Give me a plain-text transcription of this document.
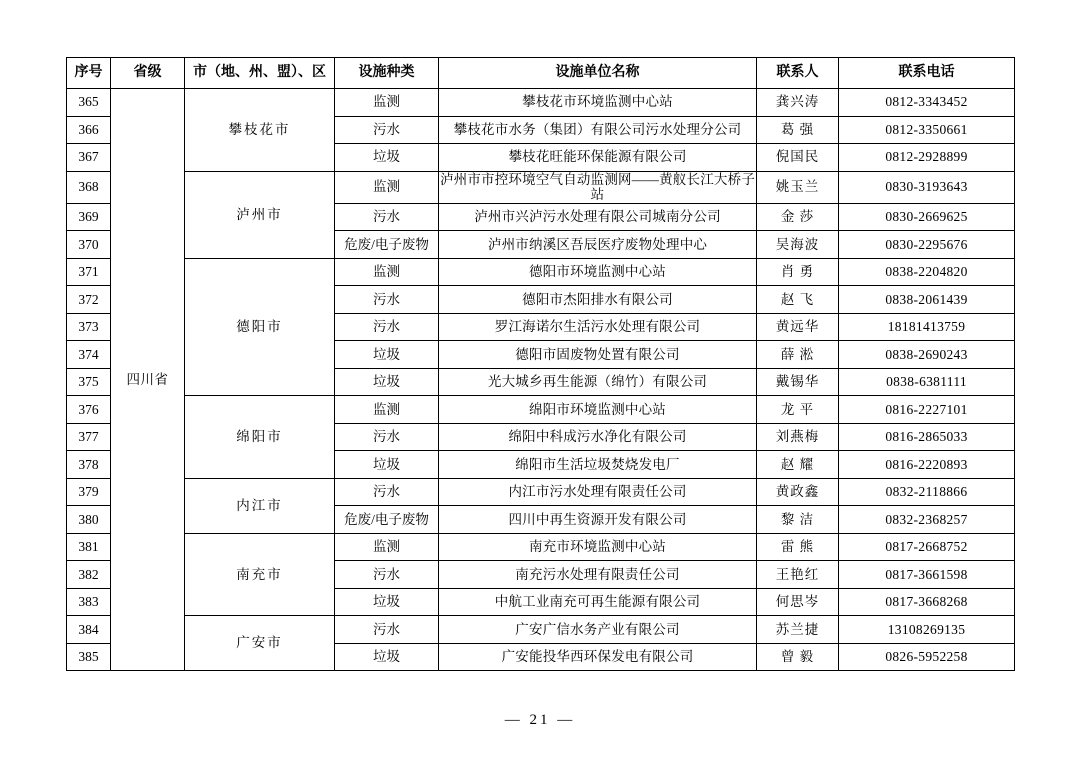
序号	省级	市（地、州、盟）、区	设施种类	设施单位名称	联系人	联系电话
365	四川省	攀枝花市	监测	攀枝花市环境监测中心站	龚兴涛	0812-3343452
366			污水	攀枝花市水务（集团）有限公司污水处理分公司	葛 强	0812-3350661
367			垃圾	攀枝花旺能环保能源有限公司	倪国民	0812-2928899
368		泸州市	监测	泸州市市控环境空气自动监测网——黄舣长江大桥子站	姚玉兰	0830-3193643
369			污水	泸州市兴泸污水处理有限公司城南分公司	金 莎	0830-2669625
370			危废/电子废物	泸州市纳溪区吾辰医疗废物处理中心	吴海波	0830-2295676
371		德阳市	监测	德阳市环境监测中心站	肖 勇	0838-2204820
372			污水	德阳市杰阳排水有限公司	赵 飞	0838-2061439
373			污水	罗江海诺尔生活污水处理有限公司	黄远华	18181413759
374			垃圾	德阳市固废物处置有限公司	薛 淞	0838-2690243
375			垃圾	光大城乡再生能源（绵竹）有限公司	戴锡华	0838-6381111
376		绵阳市	监测	绵阳市环境监测中心站	龙 平	0816-2227101
377			污水	绵阳中科成污水净化有限公司	刘燕梅	0816-2865033
378			垃圾	绵阳市生活垃圾焚烧发电厂	赵 耀	0816-2220893
379		内江市	污水	内江市污水处理有限责任公司	黄政鑫	0832-2118866
380			危废/电子废物	四川中再生资源开发有限公司	黎 洁	0832-2368257
381		南充市	监测	南充市环境监测中心站	雷 熊	0817-2668752
382			污水	南充污水处理有限责任公司	王艳红	0817-3661598
383			垃圾	中航工业南充可再生能源有限公司	何思岑	0817-3668268
384		广安市	污水	广安广信水务产业有限公司	苏兰捷	13108269135
385			垃圾	广安能投华西环保发电有限公司	曾 毅	0826-5952258
— 21 —
